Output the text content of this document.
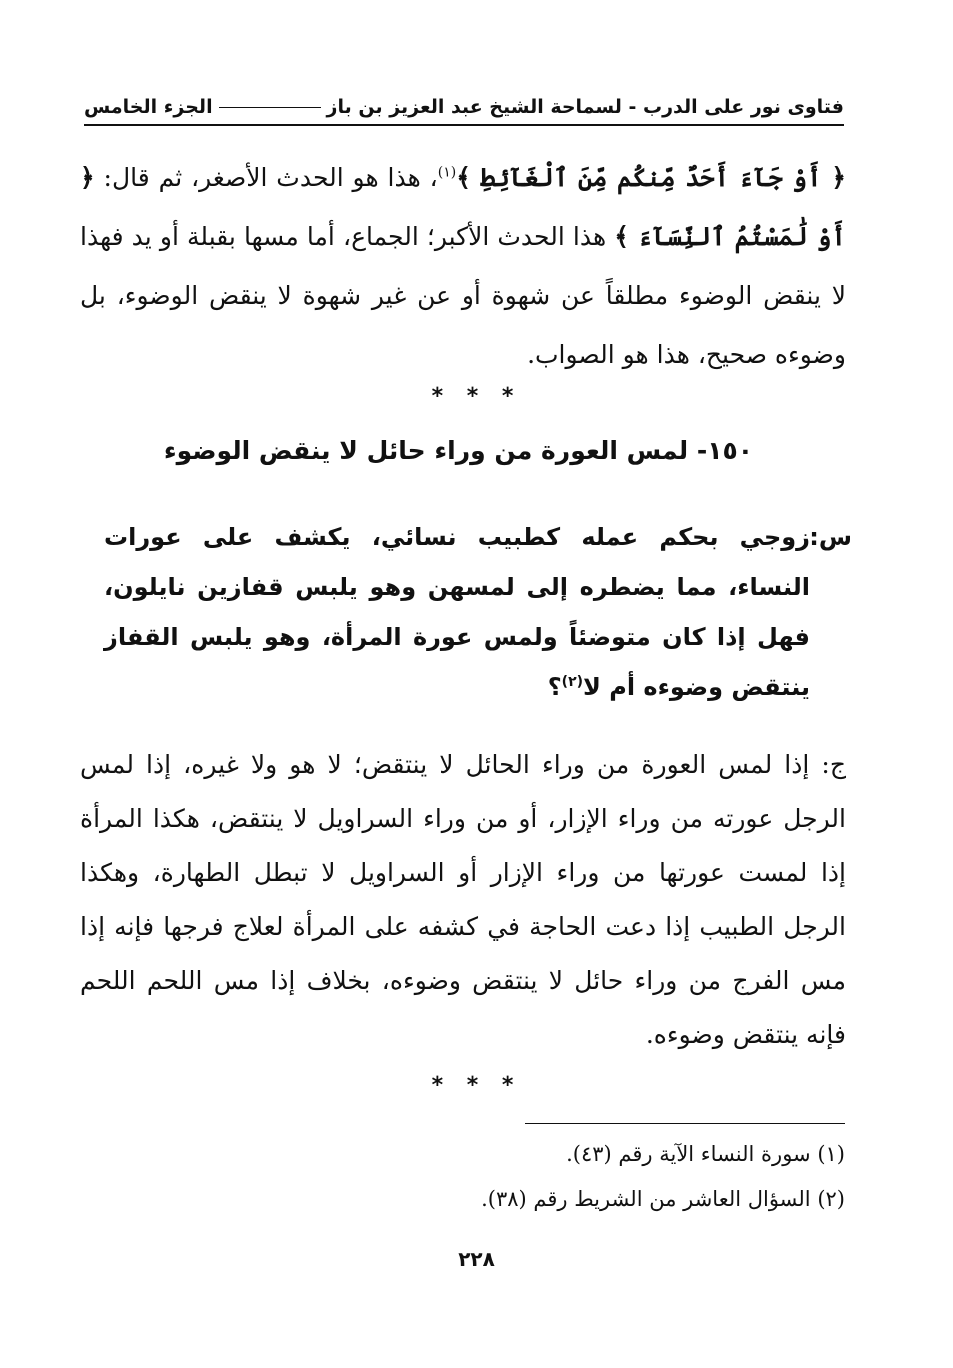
فتاوى نور على الدرب - لسماحة الشيخ عبد العزيز بن باز
الجزء الخامس
﴿ أَوْ جَآءَ أَحَدٌ مِّنكُم مِّنَ ٱلْغَآئِطِ ﴾$^{(١)}$، هذا هو الحدث الأصغر، ثم قال: ﴿ أَوْ لَٰمَسْتُمُ ٱلنِّسَآءَ ﴾ هذا الحدث الأكبر؛ الجماع، أما مسها بقبلة أو يد فهذا لا ينقض الوضوء مطلقاً عن شهوة أو عن غير شهوة لا ينقض الوضوء، بل وضوءه صحيح، هذا هو الصواب.
* * *
١٥٠- لمس العورة من وراء حائل لا ينقض الوضوء
س:
زوجي بحكم عمله كطبيب نسائي، يكشف على عورات النساء، مما يضطره إلى لمسهن وهو يلبس قفازين نايلون، فهل إذا كان متوضئاً ولمس عورة المرأة، وهو يلبس القفاز ينتقض وضوءه أم لا$^{(٢)}$؟
ج: إذا لمس العورة من وراء الحائل لا ينتقض؛ لا هو ولا غيره، إذا لمس الرجل عورته من وراء الإزار، أو من وراء السراويل لا ينتقض، هكذا المرأة إذا لمست عورتها من وراء الإزار أو السراويل لا تبطل الطهارة، وهكذا الرجل الطبيب إذا دعت الحاجة في كشفه على المرأة لعلاج فرجها فإنه إذا مس الفرج من وراء حائل لا ينتقض وضوءه، بخلاف إذا مس اللحم اللحم فإنه ينتقض وضوءه.
* * *
(١) سورة النساء الآية رقم (٤٣).
(٢) السؤال العاشر من الشريط رقم (٣٨).
٢٢٨
